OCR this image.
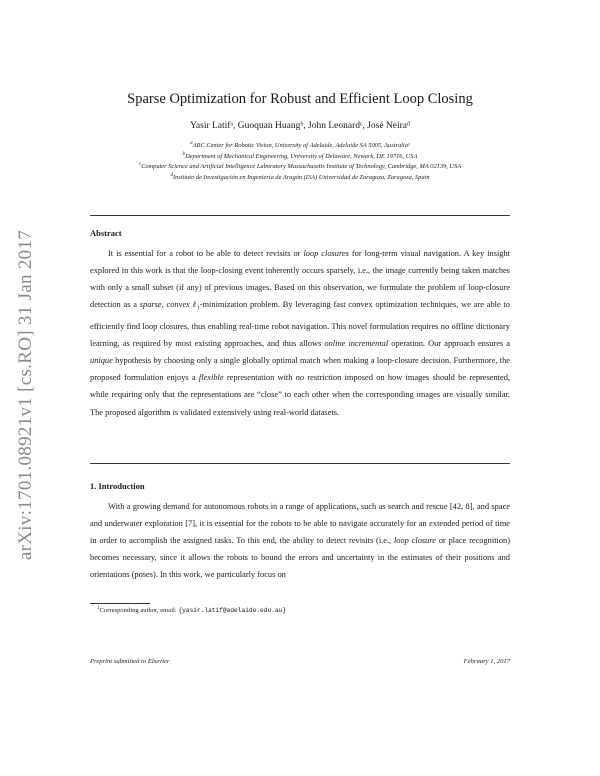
arXiv:1701.08921v1 [cs.RO] 31 Jan 2017
Sparse Optimization for Robust and Efficient Loop Closing
Yasir Latifᵃ, Guoquan Huangᵇ, John Leonardᶜ, José Neiraᵈ
$^a$ARC Center for Robotic Vision, University of Adelaide, Adelaide SA 5005, Australia¹
$^b$Department of Mechanical Engineering, University of Delaware, Newark, DE 19716, USA
$^c$Computer Science and Artificial Intelligence Laboratory Massachusetts Institute of Technology, Cambridge, MA 02139, USA
$^d$Instituto de Investigación en Ingeniería de Aragón (I3A) Universidad de Zaragoza, Zaragoza, Spain
Abstract
It is essential for a robot to be able to detect revisits or loop closures for long-term visual navigation. A key insight explored in this work is that the loop-closing event inherently occurs sparsely, i.e., the image currently being taken matches with only a small subset (if any) of previous images. Based on this observation, we formulate the problem of loop-closure detection as a sparse, convex ℓ$_1$-minimization problem. By leveraging fast convex optimization techniques, we are able to efficiently find loop closures, thus enabling real-time robot navigation. This novel formulation requires no offline dictionary learning, as required by most existing approaches, and thus allows online incremental operation. Our approach ensures a unique hypothesis by choosing only a single globally optimal match when making a loop-closure decision. Furthermore, the proposed formulation enjoys a flexible representation with no restriction imposed on how images should be represented, while requiring only that the representations are “close” to each other when the corresponding images are visually similar. The proposed algorithm is validated extensively using real-world datasets.
1. Introduction
With a growing demand for autonomous robots in a range of applications, such as search and rescue [42, 8], and space and underwater exploration [7], it is essential for the robots to be able to navigate accurately for an extended period of time in order to accomplish the assigned tasks. To this end, the ability to detect revisits (i.e., loop closure or place recognition) becomes necessary, since it allows the robots to bound the errors and uncertainty in the estimates of their positions and orientations (poses). In this work, we particularly focus on
$^1$Corresponding author, email: {yasir.latif@adelaide.edu.au}
Preprint submitted to Elsevier	February 1, 2017
